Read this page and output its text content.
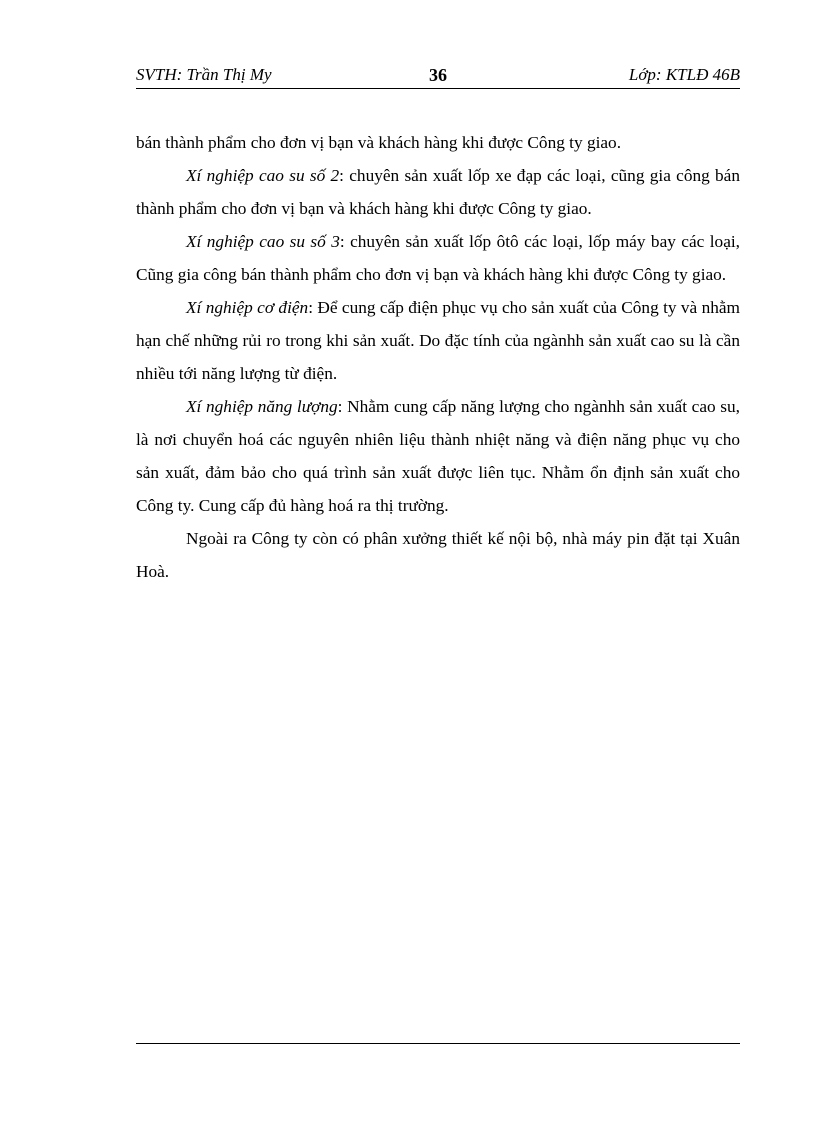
SVTH: Trần Thị My	36	Lớp: KTLĐ 46B

bán thành phẩm cho đơn vị bạn và khách hàng khi được Công ty giao.

Xí nghiệp cao su số 2: chuyên sản xuất lốp xe đạp các loại, cũng gia công bán thành phẩm cho đơn vị bạn và khách hàng khi được Công ty giao.

Xí nghiệp cao su số 3: chuyên sản xuất lốp ôtô các loại, lốp máy bay các loại, Cũng gia công bán thành phẩm cho đơn vị bạn và khách hàng khi được Công ty giao.

Xí nghiệp cơ điện: Để cung cấp điện phục vụ cho sản xuất của Công ty và nhằm hạn chế những rủi ro trong khi sản xuất. Do đặc tính của ngànhh sản xuất cao su là cần nhiều tới năng lượng từ điện.

Xí nghiệp năng lượng: Nhằm cung cấp năng lượng cho ngànhh sản xuất cao su, là nơi chuyển hoá các nguyên nhiên liệu thành nhiệt năng và điện năng phục vụ cho sản xuất, đảm bảo cho quá trình sản xuất được liên tục. Nhằm ổn định sản xuất cho Công ty. Cung cấp đủ hàng hoá ra thị trường.

Ngoài ra Công ty còn có phân xưởng thiết kế nội bộ, nhà máy pin đặt tại Xuân Hoà.
